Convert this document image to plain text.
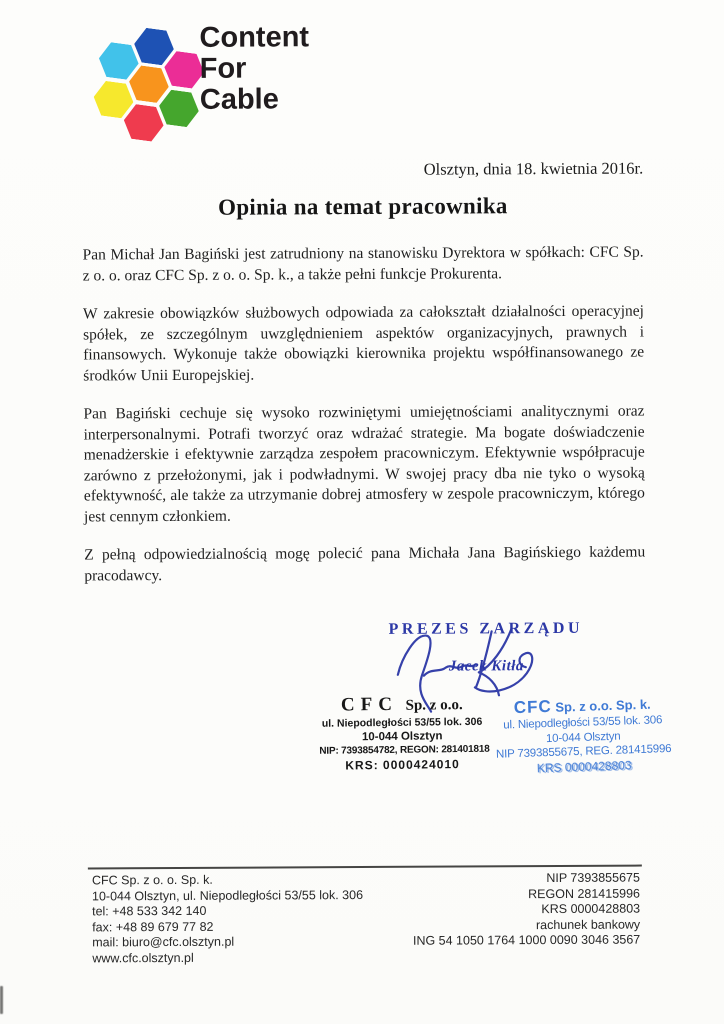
Content
For
Cable
Olsztyn, dnia 18. kwietnia 2016r.
Opinia na temat pracownika

Pan Michał Jan Bagiński jest zatrudniony na stanowisku Dyrektora w spółkach: CFC Sp. z o. o. oraz CFC Sp. z o. o. Sp. k., a także pełni funkcje Prokurenta.

W zakresie obowiązków służbowych odpowiada za całokształt działalności operacyjnej spółek, ze szczególnym uwzględnieniem aspektów organizacyjnych, prawnych i finansowych. Wykonuje także obowiązki kierownika projektu współfinansowanego ze środków Unii Europejskiej.

Pan Bagiński cechuje się wysoko rozwiniętymi umiejętnościami analitycznymi oraz interpersonalnymi. Potrafi tworzyć oraz wdrażać strategie. Ma bogate doświadczenie menadżerskie i efektywnie zarządza zespołem pracowniczym. Efektywnie współpracuje zarówno z przełożonymi, jak i podwładnymi. W swojej pracy dba nie tyko o wysoką efektywność, ale także za utrzymanie dobrej atmosfery w zespole pracowniczym, którego jest cennym członkiem.

Z pełną odpowiedzialnością mogę polecić pana Michała Jana Bagińskiego każdemu pracodawcy.

PREZES ZARZĄDU
Jacek Kitła
CFC Sp. z o.o.
ul. Niepodległości 53/55 lok. 306
10-044 Olsztyn
NIP: 7393854782, REGON: 281401818
KRS: 0000424010
CFC Sp. z o.o. Sp. k.
ul. Niepodległości 53/55 lok. 306
10-044 Olsztyn
NIP 7393855675, REG. 281415996
KRS 0000428803
CFC Sp. z o. o. Sp. k.
10-044 Olsztyn, ul. Niepodległości 53/55 lok. 306
tel: +48 533 342 140
fax: +48 89 679 77 82
mail: biuro@cfc.olsztyn.pl
www.cfc.olsztyn.pl
NIP 7393855675
REGON 281415996
KRS 0000428803
rachunek bankowy
ING 54 1050 1764 1000 0090 3046 3567
